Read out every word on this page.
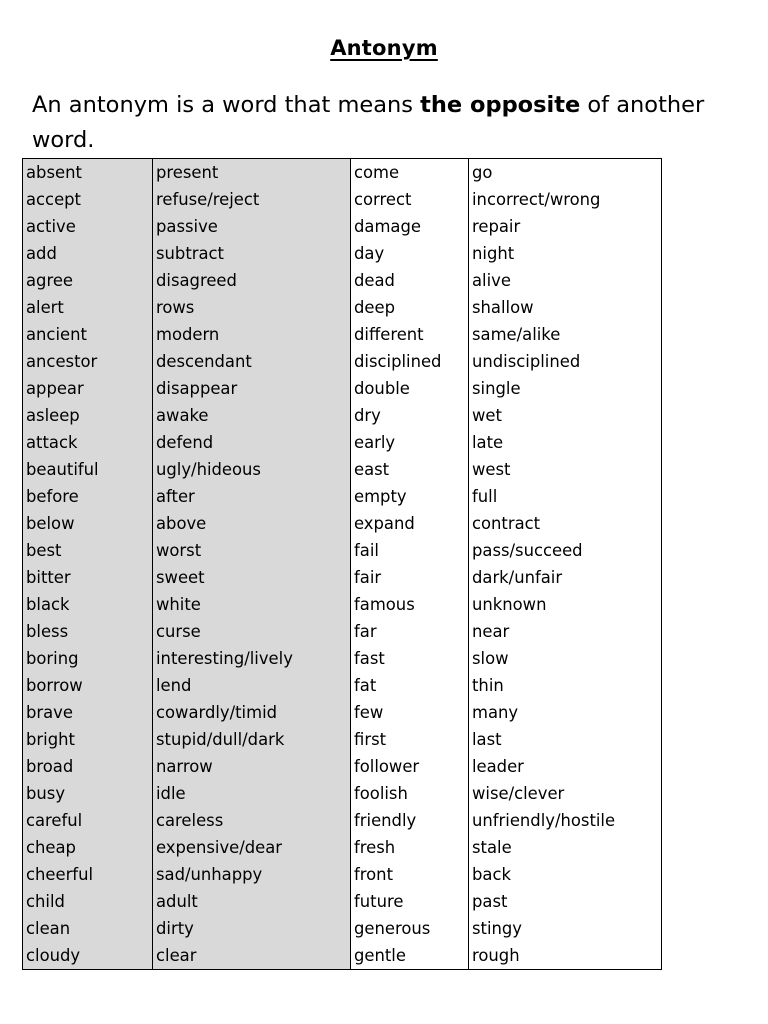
Antonym
An antonym is a word that means the opposite of another word.
absent	present	come	go
accept	refuse/reject	correct	incorrect/wrong
active	passive	damage	repair
add	subtract	day	night
agree	disagreed	dead	alive
alert	rows	deep	shallow
ancient	modern	different	same/alike
ancestor	descendant	disciplined	undisciplined
appear	disappear	double	single
asleep	awake	dry	wet
attack	defend	early	late
beautiful	ugly/hideous	east	west
before	after	empty	full
below	above	expand	contract
best	worst	fail	pass/succeed
bitter	sweet	fair	dark/unfair
black	white	famous	unknown
bless	curse	far	near
boring	interesting/lively	fast	slow
borrow	lend	fat	thin
brave	cowardly/timid	few	many
bright	stupid/dull/dark	first	last
broad	narrow	follower	leader
busy	idle	foolish	wise/clever
careful	careless	friendly	unfriendly/hostile
cheap	expensive/dear	fresh	stale
cheerful	sad/unhappy	front	back
child	adult	future	past
clean	dirty	generous	stingy
cloudy	clear	gentle	rough
